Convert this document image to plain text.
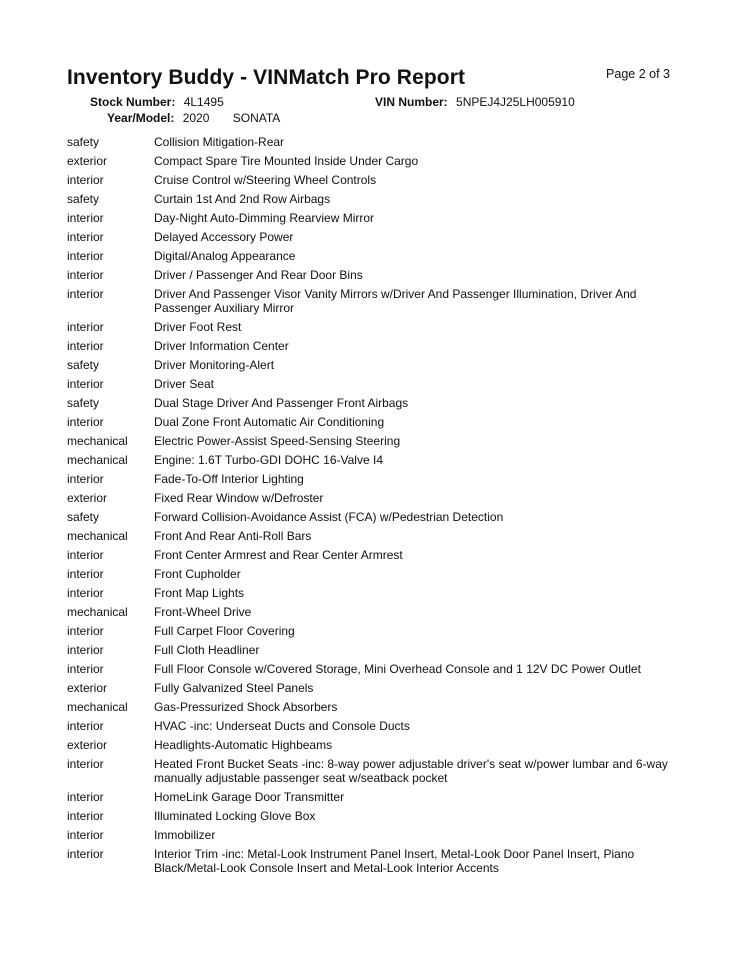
Inventory Buddy - VINMatch Pro Report	Page 2 of 3
Stock Number: 4L1495	VIN Number: 5NPEJ4J25LH005910
Year/Model: 2020 SONATA
safety	Collision Mitigation-Rear
exterior	Compact Spare Tire Mounted Inside Under Cargo
interior	Cruise Control w/Steering Wheel Controls
safety	Curtain 1st And 2nd Row Airbags
interior	Day-Night Auto-Dimming Rearview Mirror
interior	Delayed Accessory Power
interior	Digital/Analog Appearance
interior	Driver / Passenger And Rear Door Bins
interior	Driver And Passenger Visor Vanity Mirrors w/Driver And Passenger Illumination, Driver And Passenger Auxiliary Mirror
interior	Driver Foot Rest
interior	Driver Information Center
safety	Driver Monitoring-Alert
interior	Driver Seat
safety	Dual Stage Driver And Passenger Front Airbags
interior	Dual Zone Front Automatic Air Conditioning
mechanical	Electric Power-Assist Speed-Sensing Steering
mechanical	Engine: 1.6T Turbo-GDI DOHC 16-Valve I4
interior	Fade-To-Off Interior Lighting
exterior	Fixed Rear Window w/Defroster
safety	Forward Collision-Avoidance Assist (FCA) w/Pedestrian Detection
mechanical	Front And Rear Anti-Roll Bars
interior	Front Center Armrest and Rear Center Armrest
interior	Front Cupholder
interior	Front Map Lights
mechanical	Front-Wheel Drive
interior	Full Carpet Floor Covering
interior	Full Cloth Headliner
interior	Full Floor Console w/Covered Storage, Mini Overhead Console and 1 12V DC Power Outlet
exterior	Fully Galvanized Steel Panels
mechanical	Gas-Pressurized Shock Absorbers
interior	HVAC -inc: Underseat Ducts and Console Ducts
exterior	Headlights-Automatic Highbeams
interior	Heated Front Bucket Seats -inc: 8-way power adjustable driver's seat w/power lumbar and 6-way manually adjustable passenger seat w/seatback pocket
interior	HomeLink Garage Door Transmitter
interior	Illuminated Locking Glove Box
interior	Immobilizer
interior	Interior Trim -inc: Metal-Look Instrument Panel Insert, Metal-Look Door Panel Insert, Piano Black/Metal-Look Console Insert and Metal-Look Interior Accents
